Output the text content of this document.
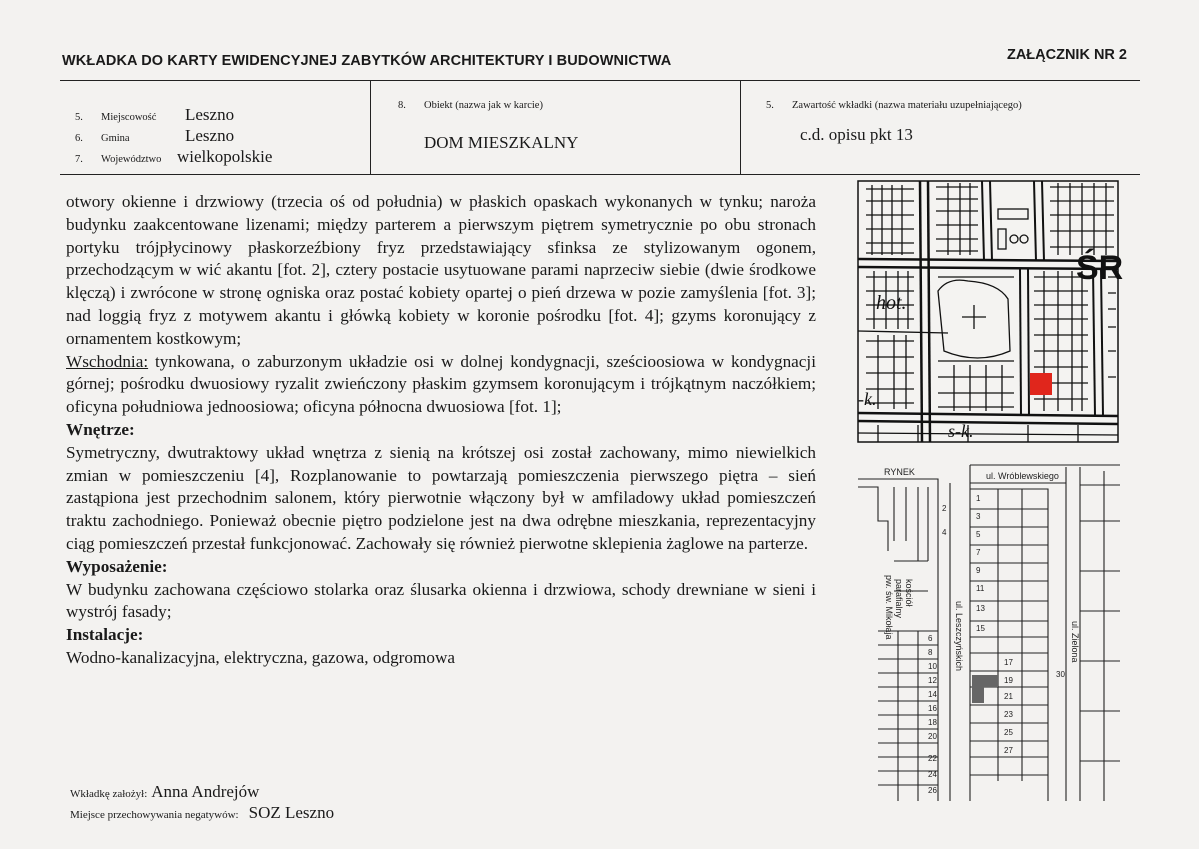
WKŁADKA DO KARTY EWIDENCYJNEJ ZABYTKÓW ARCHITEKTURY I BUDOWNICTWA	ZAŁĄCZNIK NR 2
5. Miejscowość Leszno
6. Gmina	Leszno
7. Województwo wielkopolskie
8. Obiekt (nazwa jak w karcie)
DOM MIESZKALNY
5. Zawartość wkładki (nazwa materiału uzupełniającego)
c.d. opisu pkt 13

otwory okienne i drzwiowy (trzecia oś od południa) w płaskich opaskach wykonanych w tynku; naroża budynku zaakcentowane lizenami; między parterem a pierwszym piętrem symetrycznie po obu stronach portyku trójpłycinowy płaskorzeźbiony fryz przedstawiający sfinksa ze stylizowanym ogonem, przechodzącym w wić akantu [fot. 2], cztery postacie usytuowane parami naprzeciw siebie (dwie środkowe klęczą) i zwrócone w stronę ogniska oraz postać kobiety opartej o pień drzewa w pozie zamyślenia [fot. 3]; nad loggią fryz z motywem akantu i główką kobiety w koronie pośrodku [fot. 4]; gzyms koronujący z ornamentem kostkowym;

Wschodnia: tynkowana, o zaburzonym układzie osi w dolnej kondygnacji, sześcioosiowa w kondygnacji górnej; pośrodku dwuosiowy ryzalit zwieńczony płaskim gzymsem koronującym i trójkątnym naczółkiem; oficyna południowa jednoosiowa; oficyna północna dwuosiowa [fot. 1];

Wnętrze:

Symetryczny, dwutraktowy układ wnętrza z sienią na krótszej osi został zachowany, mimo niewielkich zmian w pomieszczeniu [4], Rozplanowanie to powtarzają pomieszczenia pierwszego piętra – sień zastąpiona jest przechodnim salonem, który pierwotnie włączony był w amfiladowy układ pomieszczeń traktu zachodniego. Ponieważ obecnie piętro podzielone jest na dwa odrębne mieszkania, reprezentacyjny ciąg pomieszczeń przestał funkcjonować. Zachowały się również pierwotne sklepienia żaglowe na parterze.

Wyposażenie:

W budynku zachowana częściowo stolarka oraz ślusarka okienna i drzwiowa, schody drewniane w sieni i wystrój fasady;

Instalacje:

Wodno-kanalizacyjna, elektryczna, gazowa, odgromowa

Wkładkę założył: Anna Andrejów
Miejsce przechowywania negatywów: SOZ Leszno
hot.
ŚR
-k.
s-k.
RYNEK	ul. Wróblewskiego
kościół
parafialny
pw. św. Mikołaja	ul. Leszczyńskich	ul. Zielona
2
4
1
3
5
7
9
11
13
15
17
19
21
23
25
27
6
8
10
12
14
16
18
20
22
24
26
30
